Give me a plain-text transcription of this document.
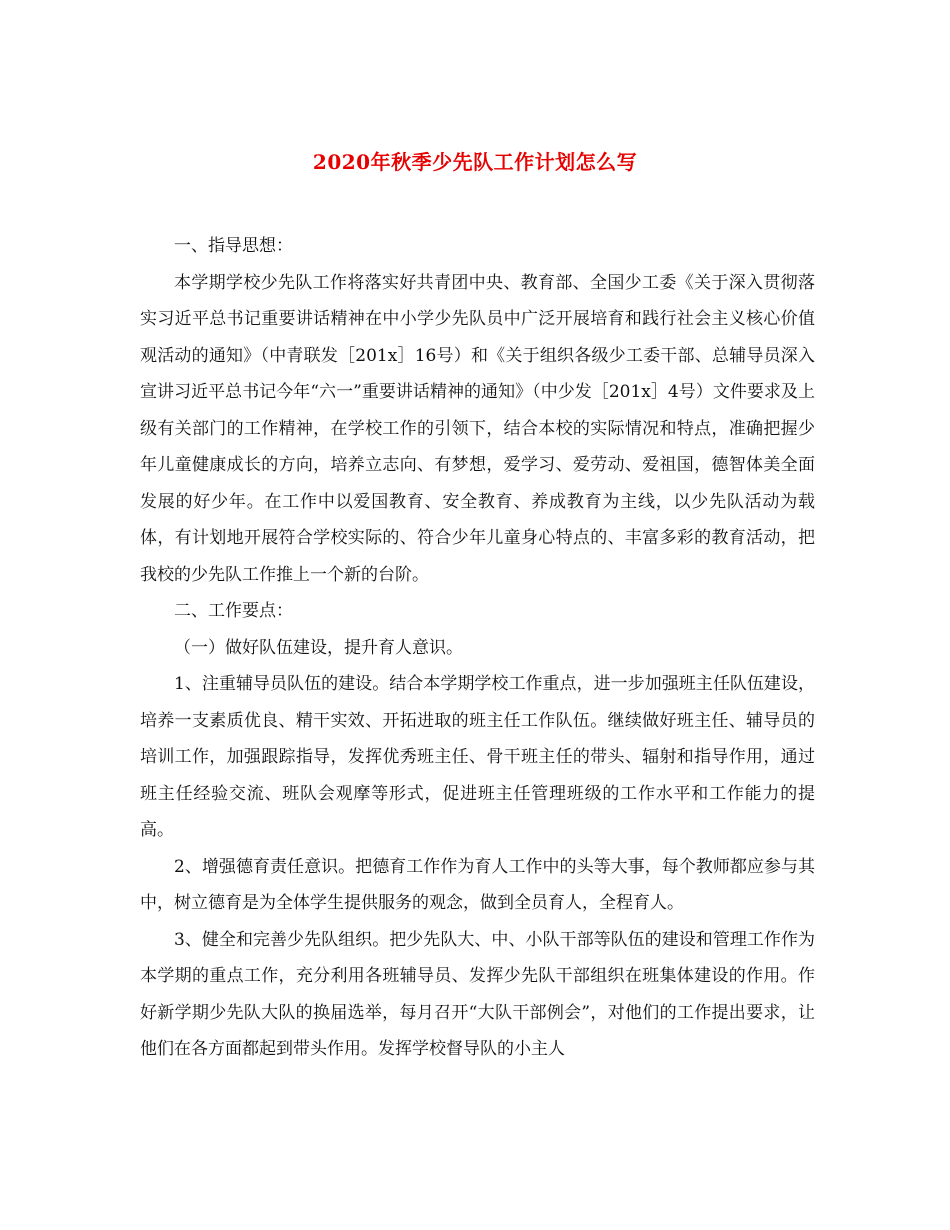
2020年秋季少先队工作计划怎么写

一、指导思想：

本学期学校少先队工作将落实好共青团中央、教育部、全国少工委《关于深入贯彻落实习近平总书记重要讲话精神在中小学少先队员中广泛开展培育和践行社会主义核心价值观活动的通知》（中青联发［201x］16号）和《关于组织各级少工委干部、总辅导员深入宣讲习近平总书记今年“六一”重要讲话精神的通知》（中少发［201x］4号）文件要求及上级有关部门的工作精神，在学校工作的引领下，结合本校的实际情况和特点，准确把握少年儿童健康成长的方向，培养立志向、有梦想，爱学习、爱劳动、爱祖国，德智体美全面发展的好少年。在工作中以爱国教育、安全教育、养成教育为主线，以少先队活动为载体，有计划地开展符合学校实际的、符合少年儿童身心特点的、丰富多彩的教育活动，把我校的少先队工作推上一个新的台阶。

二、工作要点：

（一）做好队伍建设，提升育人意识。

1、注重辅导员队伍的建设。结合本学期学校工作重点，进一步加强班主任队伍建设，培养一支素质优良、精干实效、开拓进取的班主任工作队伍。继续做好班主任、辅导员的培训工作，加强跟踪指导，发挥优秀班主任、骨干班主任的带头、辐射和指导作用，通过班主任经验交流、班队会观摩等形式，促进班主任管理班级的工作水平和工作能力的提高。

2、增强德育责任意识。把德育工作作为育人工作中的头等大事，每个教师都应参与其中，树立德育是为全体学生提供服务的观念，做到全员育人，全程育人。

3、健全和完善少先队组织。把少先队大、中、小队干部等队伍的建设和管理工作作为本学期的重点工作，充分利用各班辅导员、发挥少先队干部组织在班集体建设的作用。作好新学期少先队大队的换届选举，每月召开“大队干部例会”，对他们的工作提出要求，让他们在各方面都起到带头作用。发挥学校督导队的小主人
